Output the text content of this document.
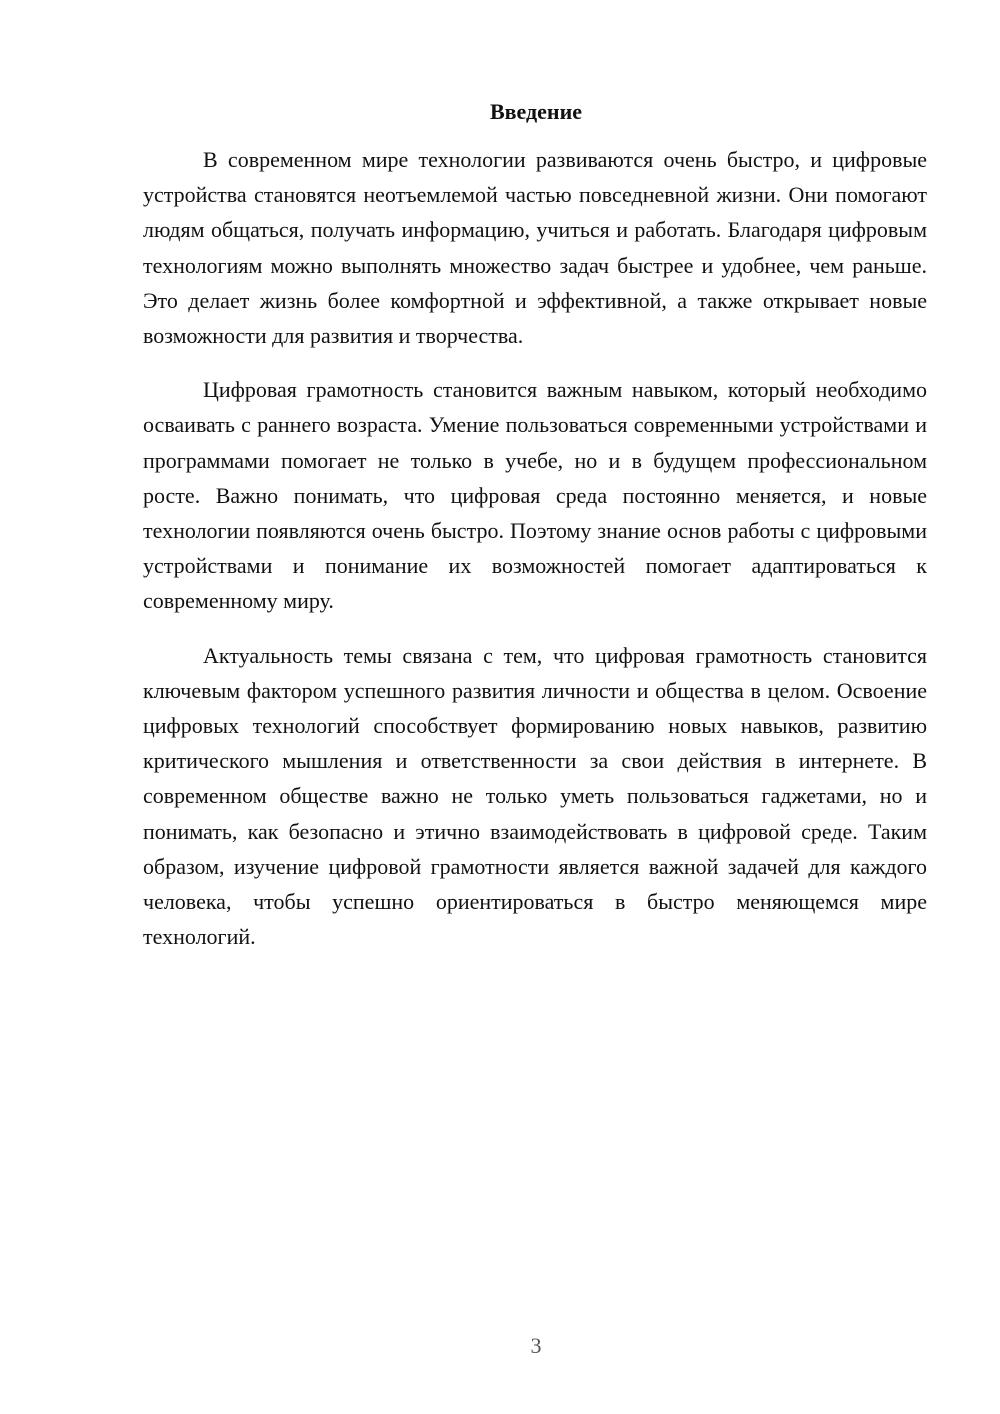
Введение

В современном мире технологии развиваются очень быстро, и цифровые устройства становятся неотъемлемой частью повседневной жизни. Они помогают людям общаться, получать информацию, учиться и работать. Благодаря цифровым технологиям можно выполнять множество задач быстрее и удобнее, чем раньше. Это делает жизнь более комфортной и эффективной, а также открывает новые возможности для развития и творчества.

Цифровая грамотность становится важным навыком, который необходимо осваивать с раннего возраста. Умение пользоваться современными устройствами и программами помогает не только в учебе, но и в будущем профессиональном росте. Важно понимать, что цифровая среда постоянно меняется, и новые технологии появляются очень быстро. Поэтому знание основ работы с цифровыми устройствами и понимание их возможностей помогает адаптироваться к современному миру.

Актуальность темы связана с тем, что цифровая грамотность становится ключевым фактором успешного развития личности и общества в целом. Освоение цифровых технологий способствует формированию новых навыков, развитию критического мышления и ответственности за свои действия в интернете. В современном обществе важно не только уметь пользоваться гаджетами, но и понимать, как безопасно и этично взаимодействовать в цифровой среде. Таким образом, изучение цифровой грамотности является важной задачей для каждого человека, чтобы успешно ориентироваться в быстро меняющемся мире технологий.

3
